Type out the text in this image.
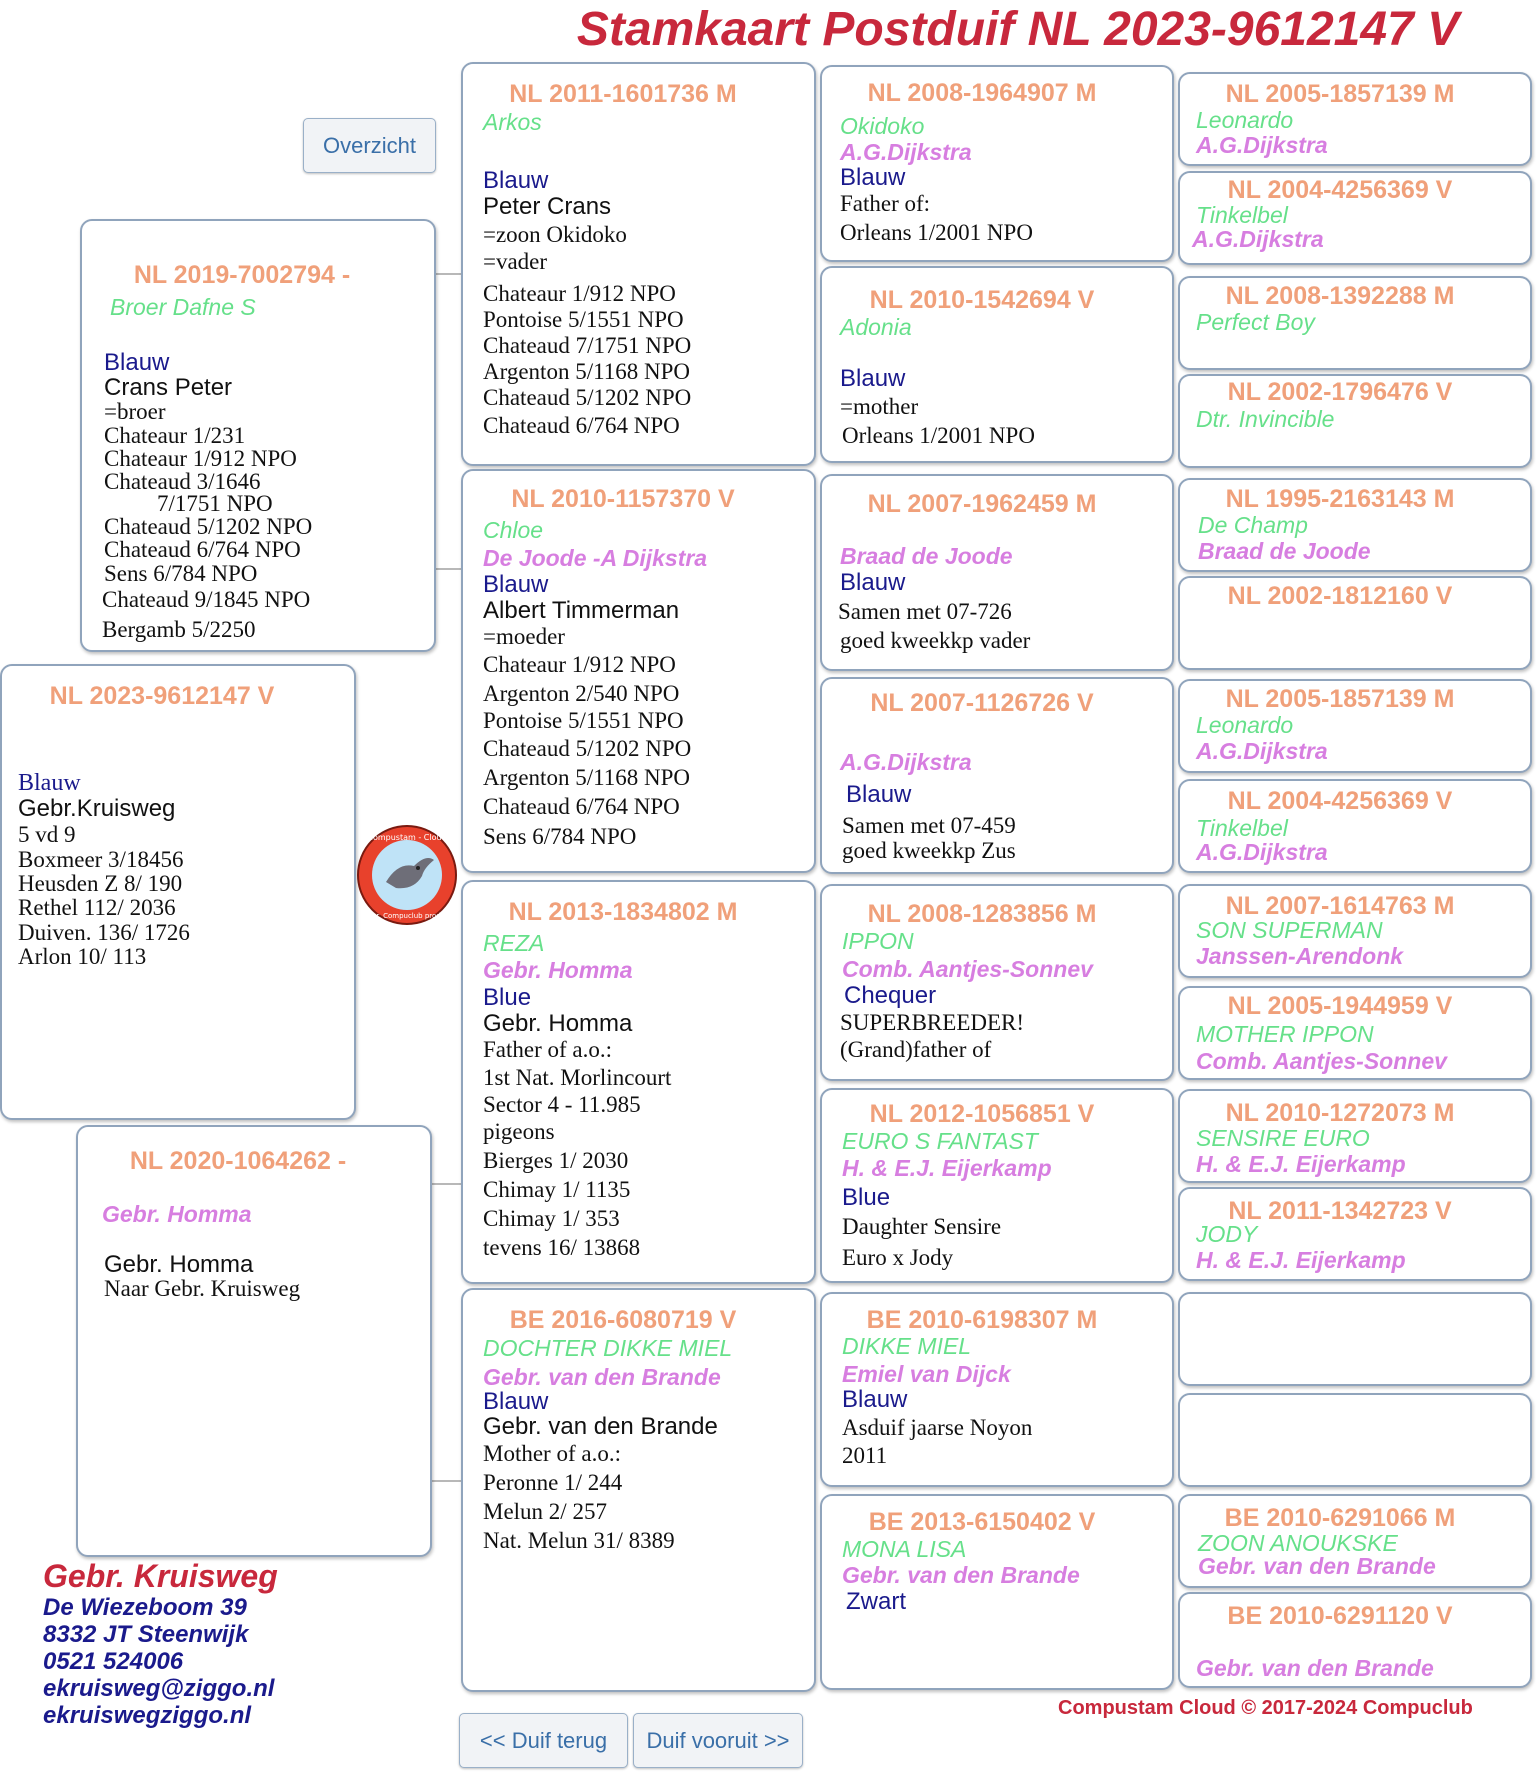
Stamkaart Postduif NL 2023-9612147 V
Overzicht
NL 2023-9612147 V
Blauw
Gebr.Kruisweg
5 vd 9
Boxmeer 3/18456
Heusden Z 8/ 190
Rethel 112/ 2036
Duiven. 136/ 1726
Arlon 10/ 113
Compustam - Cloud
Gebr. Compuclub product
NL 2019-7002794 -
Broer Dafne S
Blauw
Crans Peter
=broer
Chateaur 1/231
Chateaur 1/912 NPO
Chateaud 3/1646
7/1751 NPO
Chateaud 5/1202 NPO
Chateaud 6/764 NPO
Sens 6/784 NPO
Chateaud 9/1845 NPO
Bergamb 5/2250
NL 2020-1064262 -
Gebr. Homma
Gebr. Homma
Naar Gebr. Kruisweg
NL 2011-1601736 M
Arkos
Blauw
Peter Crans
=zoon Okidoko
=vader
Chateaur 1/912 NPO
Pontoise 5/1551 NPO
Chateaud 7/1751 NPO
Argenton 5/1168 NPO
Chateaud 5/1202 NPO
Chateaud 6/764 NPO
NL 2010-1157370 V
Chloe
De Joode -A Dijkstra
Blauw
Albert Timmerman
=moeder
Chateaur 1/912 NPO
Argenton 2/540 NPO
Pontoise 5/1551 NPO
Chateaud 5/1202 NPO
Argenton 5/1168 NPO
Chateaud 6/764 NPO
Sens 6/784 NPO
NL 2013-1834802 M
REZA
Gebr. Homma
Blue
Gebr. Homma
Father of a.o.:
1st Nat. Morlincourt
Sector 4 - 11.985
pigeons
Bierges 1/ 2030
Chimay 1/ 1135
Chimay 1/ 353
tevens 16/ 13868
BE 2016-6080719 V
DOCHTER DIKKE MIEL
Gebr. van den Brande
Blauw
Gebr. van den Brande
Mother of a.o.:
Peronne 1/ 244
Melun 2/ 257
Nat. Melun 31/ 8389
NL 2008-1964907 M
Okidoko
A.G.Dijkstra
Blauw
Father of:
Orleans 1/2001 NPO
NL 2010-1542694 V
Adonia
Blauw
=mother
Orleans 1/2001 NPO
NL 2007-1962459 M
Braad de Joode
Blauw
Samen met 07-726
goed kweekkp vader
NL 2007-1126726 V
A.G.Dijkstra
Blauw
Samen met 07-459
goed kweekkp Zus
NL 2008-1283856 M
IPPON
Comb. Aantjes-Sonnev
Chequer
SUPERBREEDER!
(Grand)father of
NL 2012-1056851 V
EURO S FANTAST
H. & E.J. Eijerkamp
Blue
Daughter Sensire
Euro x Jody
BE 2010-6198307 M
DIKKE MIEL
Emiel van Dijck
Blauw
Asduif jaarse Noyon
2011
BE 2013-6150402 V
MONA LISA
Gebr. van den Brande
Zwart
NL 2005-1857139 M
Leonardo
A.G.Dijkstra
NL 2004-4256369 V
Tinkelbel
A.G.Dijkstra
NL 2008-1392288 M
Perfect Boy
NL 2002-1796476 V
Dtr. Invincible
NL 1995-2163143 M
De Champ
Braad de Joode
NL 2002-1812160 V
NL 2005-1857139 M
Leonardo
A.G.Dijkstra
NL 2004-4256369 V
Tinkelbel
A.G.Dijkstra
NL 2007-1614763 M
SON SUPERMAN
Janssen-Arendonk
NL 2005-1944959 V
MOTHER IPPON
Comb. Aantjes-Sonnev
NL 2010-1272073 M
SENSIRE EURO
H. & E.J. Eijerkamp
NL 2011-1342723 V
JODY
H. & E.J. Eijerkamp
BE 2010-6291066 M
ZOON ANOUKSKE
Gebr. van den Brande
BE 2010-6291120 V
Gebr. van den Brande
Gebr. Kruisweg
De Wiezeboom 39
8332 JT Steenwijk
0521 524006
ekruisweg@ziggo.nl
ekruiswegziggo.nl	Compustam Cloud © 2017-2024 Compuclub
<< Duif terug	Duif vooruit >>
